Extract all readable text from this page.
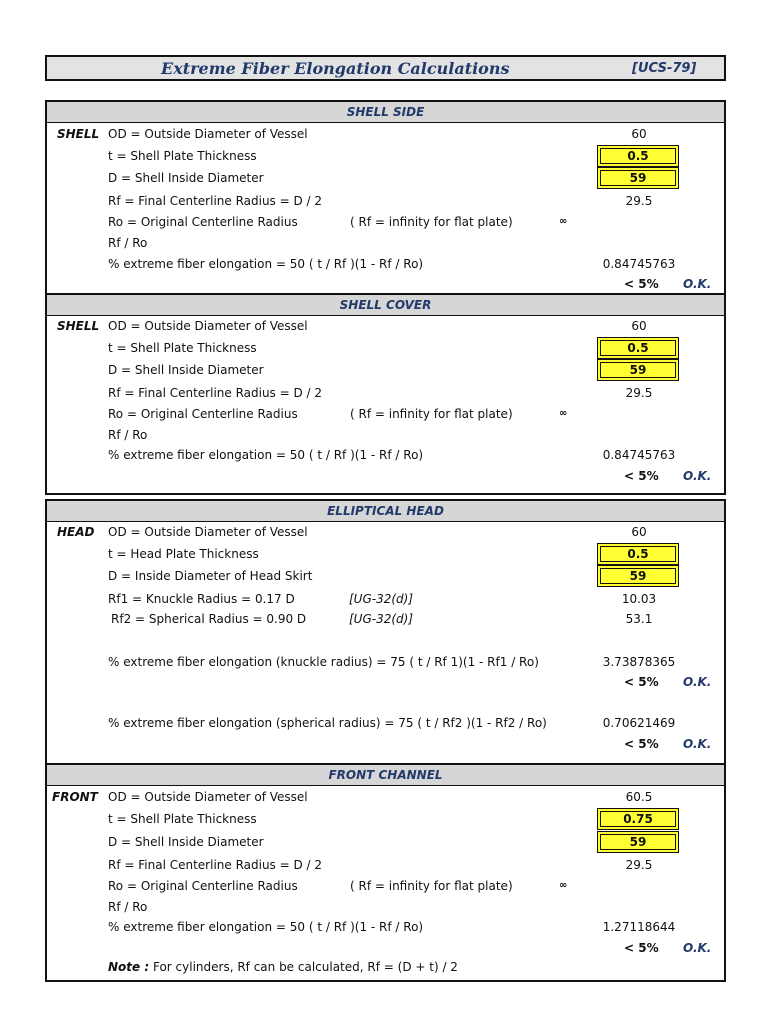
Extreme Fiber Elongation Calculations	[UCS-79]
SHELL SIDE
SHELL OD = Outside Diameter of Vessel	60
t = Shell Plate Thickness	0.5
D = Shell Inside Diameter	59
Rf = Final Centerline Radius = D / 2	29.5
Ro = Original Centerline Radius	( Rf = infinity for flat plate)	∞
Rf / Ro
% extreme fiber elongation = 50 ( t / Rf )(1 - Rf / Ro)	0.84745763
< 5% O.K.
SHELL COVER
SHELL OD = Outside Diameter of Vessel	60
t = Shell Plate Thickness	0.5
D = Shell Inside Diameter	59
Rf = Final Centerline Radius = D / 2	29.5
Ro = Original Centerline Radius	( Rf = infinity for flat plate)	∞
Rf / Ro
% extreme fiber elongation = 50 ( t / Rf )(1 - Rf / Ro)	0.84745763
< 5% O.K.
ELLIPTICAL HEAD
HEAD OD = Outside Diameter of Vessel	60
t = Head Plate Thickness	0.5
D = Inside Diameter of Head Skirt	59
Rf1 = Knuckle Radius = 0.17 D	[UG-32(d)]	10.03
Rf2 = Spherical Radius = 0.90 D	[UG-32(d)]	53.1
% extreme fiber elongation (knuckle radius) = 75 ( t / Rf 1)(1 - Rf1 / Ro)	3.73878365
< 5% O.K.
% extreme fiber elongation (spherical radius) = 75 ( t / Rf2 )(1 - Rf2 / Ro)	0.70621469
< 5% O.K.
FRONT CHANNEL
FRONT OD = Outside Diameter of Vessel	60.5
t = Shell Plate Thickness	0.75
D = Shell Inside Diameter	59
Rf = Final Centerline Radius = D / 2	29.5
Ro = Original Centerline Radius	( Rf = infinity for flat plate)	∞
Rf / Ro
% extreme fiber elongation = 50 ( t / Rf )(1 - Rf / Ro)	1.27118644
< 5% O.K.
Note : For cylinders, Rf can be calculated, Rf = (D + t) / 2
